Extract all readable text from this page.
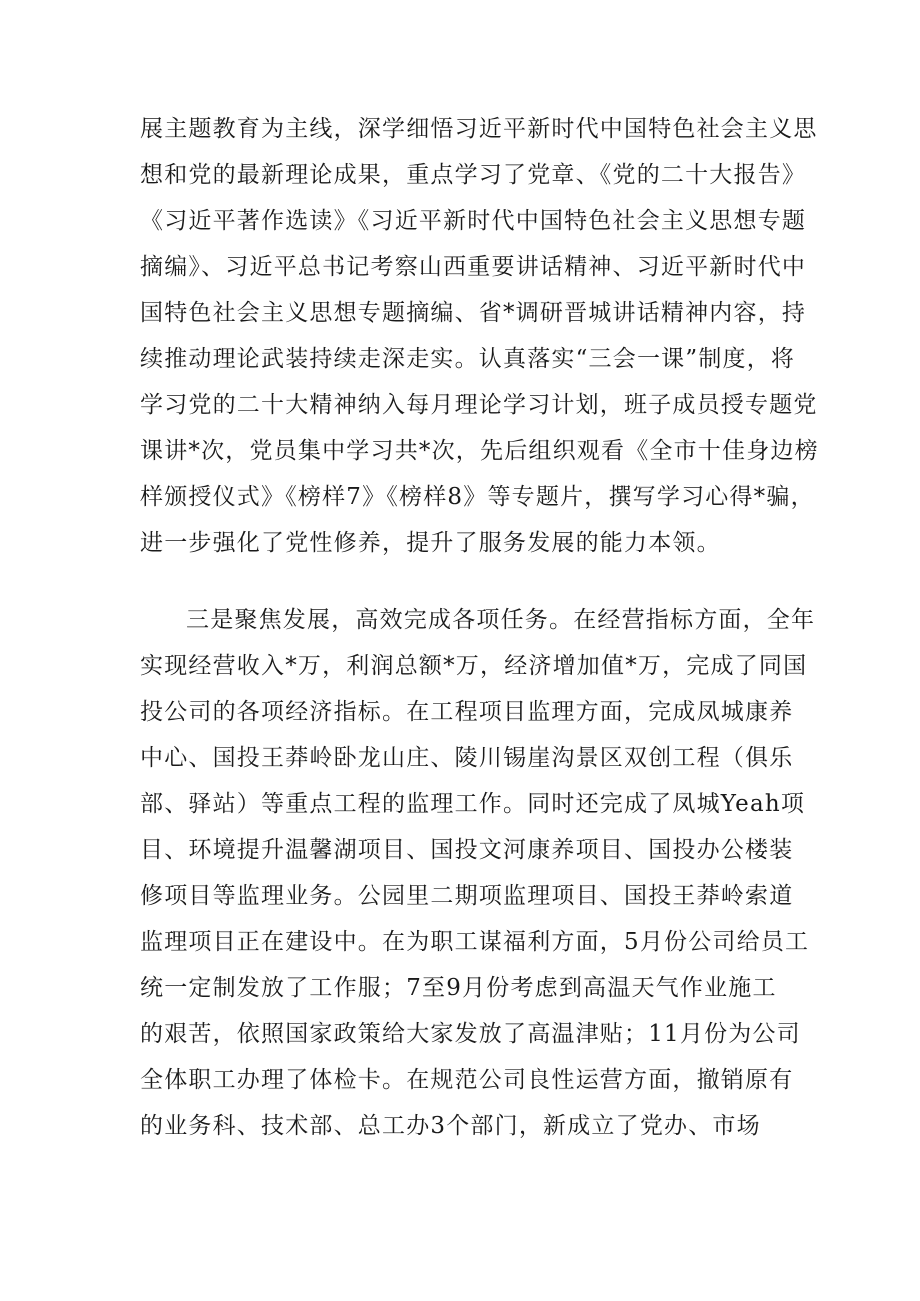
展主题教育为主线，深学细悟习近平新时代中国特色社会主义思
想和党的最新理论成果，重点学习了党章、《党的二十大报告》
《习近平著作选读》《习近平新时代中国特色社会主义思想专题
摘编》、习近平总书记考察山西重要讲话精神、习近平新时代中
国特色社会主义思想专题摘编、省*调研晋城讲话精神内容，持
续推动理论武装持续走深走实。认真落实“三会一课”制度，将
学习党的二十大精神纳入每月理论学习计划，班子成员授专题党
课讲*次，党员集中学习共*次，先后组织观看《全市十佳身边榜
样颁授仪式》《榜样7》《榜样8》等专题片，撰写学习心得*骗，
进一步强化了党性修养，提升了服务发展的能力本领。
三是聚焦发展，高效完成各项任务。在经营指标方面，全年
实现经营收入*万，利润总额*万，经济增加值*万，完成了同国
投公司的各项经济指标。在工程项目监理方面，完成凤城康养
中心、国投王莽岭卧龙山庄、陵川锡崖沟景区双创工程（俱乐
部、驿站）等重点工程的监理工作。同时还完成了凤城Yeah项
目、环境提升温馨湖项目、国投文河康养项目、国投办公楼装
修项目等监理业务。公园里二期项监理项目、国投王莽岭索道
监理项目正在建设中。在为职工谋福利方面，5月份公司给员工
统一定制发放了工作服；7至9月份考虑到高温天气作业施工
的艰苦，依照国家政策给大家发放了高温津贴；11月份为公司
全体职工办理了体检卡。在规范公司良性运营方面，撤销原有
的业务科、技术部、总工办3个部门，新成立了党办、市场
